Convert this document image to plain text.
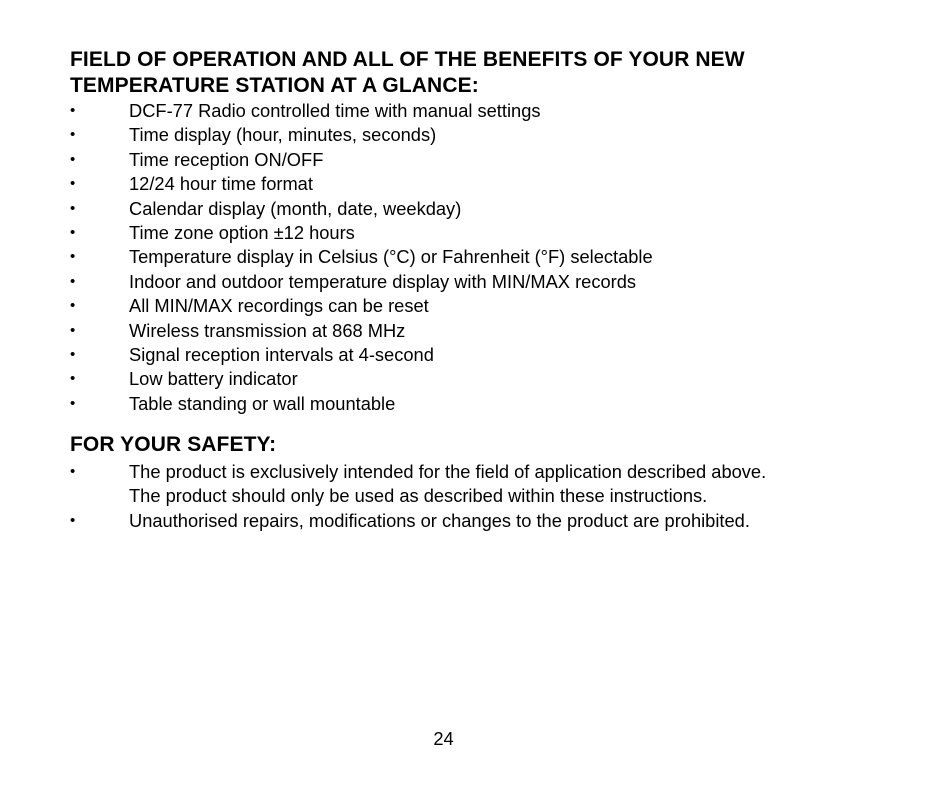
FIELD OF OPERATION AND ALL OF THE BENEFITS OF YOUR NEW TEMPERATURE STATION AT A GLANCE:
•	DCF-77 Radio controlled time with manual settings
•	Time display (hour, minutes, seconds)
•	Time reception ON/OFF
•	12/24 hour time format
•	Calendar display (month, date, weekday)
•	Time zone option ±12 hours
•	Temperature display in Celsius (°C) or Fahrenheit (°F) selectable
•	Indoor and outdoor temperature display with MIN/MAX records
•	All MIN/MAX recordings can be reset
•	Wireless transmission at 868 MHz
•	Signal reception intervals at 4-second
•	Low battery indicator
•	Table standing or wall mountable
FOR YOUR SAFETY:
•	The product is exclusively intended for the field of application described above. The product should only be used as described within these instructions.
•	Unauthorised repairs, modifications or changes to the product are prohibited.
24
